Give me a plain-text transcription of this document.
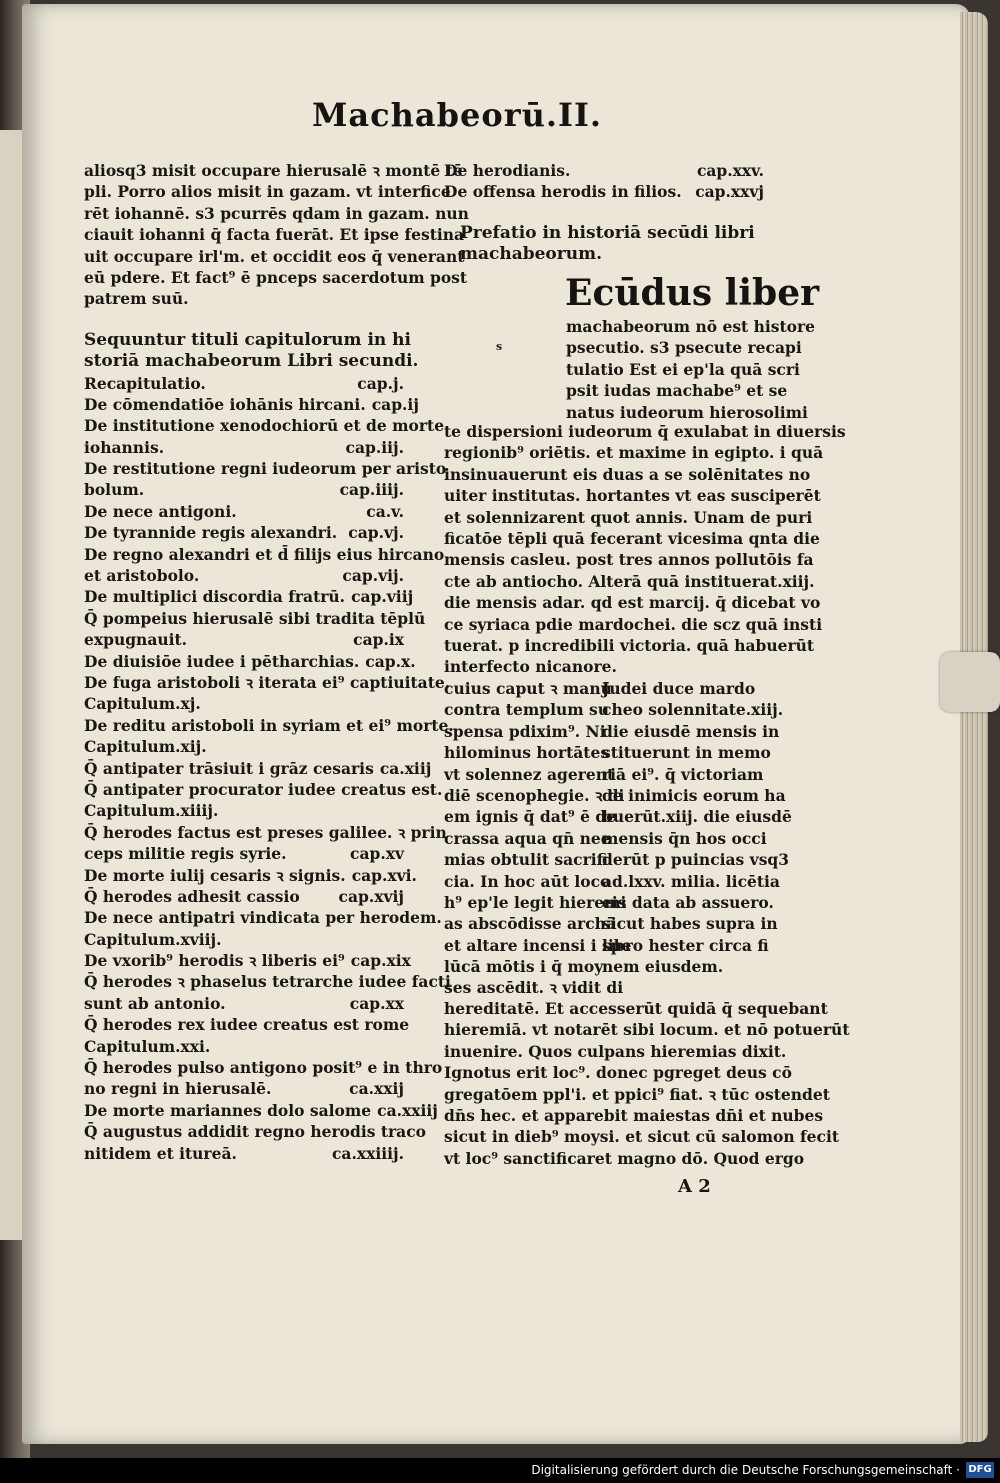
Machabeorū.II.
aliosq3 misit occupare hierusalē ꝛ montē tē
pli. Porro alios misit in gazam. vt interfice
rēt iohannē. s3 pcurrēs qdam in gazam. nun
ciauit iohanni q̄ facta fuerāt. Et ipse festina
uit occupare irl'm. et occidit eos q̄ venerant
eū pdere. Et fact⁹ ē pnceps sacerdotum post
patrem suū.
Sequuntur tituli capitulorum in hi
storiā machabeorum Libri secundi.
Recapitulatio.	cap.j.
De cōmendatiōe iohānis hircani. cap.ij
De institutione xenodochiorū et de morte
iohannis.	cap.iij.
De restitutione regni iudeorum per aristo
bolum.	cap.iiij.
De nece antigoni.	ca.v.
De tyrannide regis alexandri. cap.vj.
De regno alexandri et d̄ filijs eius hircano
et aristobolo.	cap.vij.
De multiplici discordia fratrū. cap.viij
Q̄ pompeius hierusalē sibi tradita tēplū
expugnauit.	cap.ix
De diuisiōe iudee i pētharchias. cap.x.
De fuga aristoboli ꝛ iterata ei⁹ captiuitate.
Capitulum.xj.
De reditu aristoboli in syriam et ei⁹ morte.
Capitulum.xij.
Q̄ antipater trāsiuit i grāz cesaris ca.xiij
Q̄ antipater procurator iudee creatus est.
Capitulum.xiiij.
Q̄ herodes factus est preses galilee. ꝛ prin
ceps militie regis syrie.	cap.xv
De morte iulij cesaris ꝛ signis. cap.xvi.
Q̄ herodes adhesit cassio	cap.xvij
De nece antipatri vindicata per herodem.
Capitulum.xviij.
De vxorib⁹ herodis ꝛ liberis ei⁹ cap.xix
Q̄ herodes ꝛ phaselus tetrarche iudee facti
sunt ab antonio.	cap.xx
Q̄ herodes rex iudee creatus est rome
Capitulum.xxi.
Q̄ herodes pulso antigono posit⁹ e in thro
no regni in hierusalē.	ca.xxij
De morte mariannes dolo salome ca.xxiij
Q̄ augustus addidit regno herodis traco
nitidem et itureā.	ca.xxiiij.
De herodianis.	cap.xxv.
De offensa herodis in filios. cap.xxvj
Prefatio in historiā secūdi libri
machabeorum.
Ecūdus liber
s
machabeorum nō est histore
psecutio. s3 psecute recapi
tulatio Est ei ep'la quā scri
psit iudas machabe⁹ et se
natus iudeorum hierosolimi
te dispersioni iudeorum q̄ exulabat in diuersis
regionib⁹ oriētis. et maxime in egipto. i quā
insinuauerunt eis duas a se solēnitates no
uiter institutas. hortantes vt eas susciperēt
et solennizarent quot annis. Unam de puri
ficatōe tēpli quā fecerant vicesima qnta die
mensis casleu. post tres annos pollutōis fa
cte ab antiocho. Alterā quā instituerat.xiij.
die mensis adar. qd est marcij. q̄ dicebat vo
ce syriaca pdie mardochei. die scz quā insti
tuerat. p incredibili victoria. quā habuerūt
interfecto nicanore.
cuius caput ꝛ manū
contra templum su
spensa pdixim⁹. Ni
hilominus hortātes
vt solennez agerent
diē scenophegie. ꝛ di
em ignis q̄ dat⁹ ē de
crassa aqua qn̄ nee
mias obtulit sacrifi
cia. In hoc aūt loco
h⁹ ep'le legit hieremi
as abscōdisse archā
et altare incensi i spe
lūcā mōtis i q̄ moy
ses ascēdit. ꝛ vidit di
Judei duce mardo
cheo solennitate.xiij.
die eiusdē mensis in
stituerunt in memo
riā ei⁹. q̄ victoriam
de inimicis eorum ha
buerūt.xiij. die eiusdē
mensis q̄n hos occi
derūt p puincias vsq3
ad.lxxv. milia. licētia
eis data ab assuero.
sicut habes supra in
libro hester circa fi
nem eiusdem.
hereditatē. Et accesserūt quidā q̄ sequebant
hieremiā. vt notarēt sibi locum. et nō potuerūt
inuenire. Quos culpans hieremias dixit.
Ignotus erit loc⁹. donec pgreget deus cō
gregatōem ppl'i. et ppici⁹ fiat. ꝛ tūc ostendet
dn̄s hec. et apparebit maiestas dn̄i et nubes
sicut in dieb⁹ moysi. et sicut cū salomon fecit
vt loc⁹ sanctificaret magno dō. Quod ergo
A 2
Digitalisierung gefördert durch die Deutsche Forschungsgemeinschaft · DFG
